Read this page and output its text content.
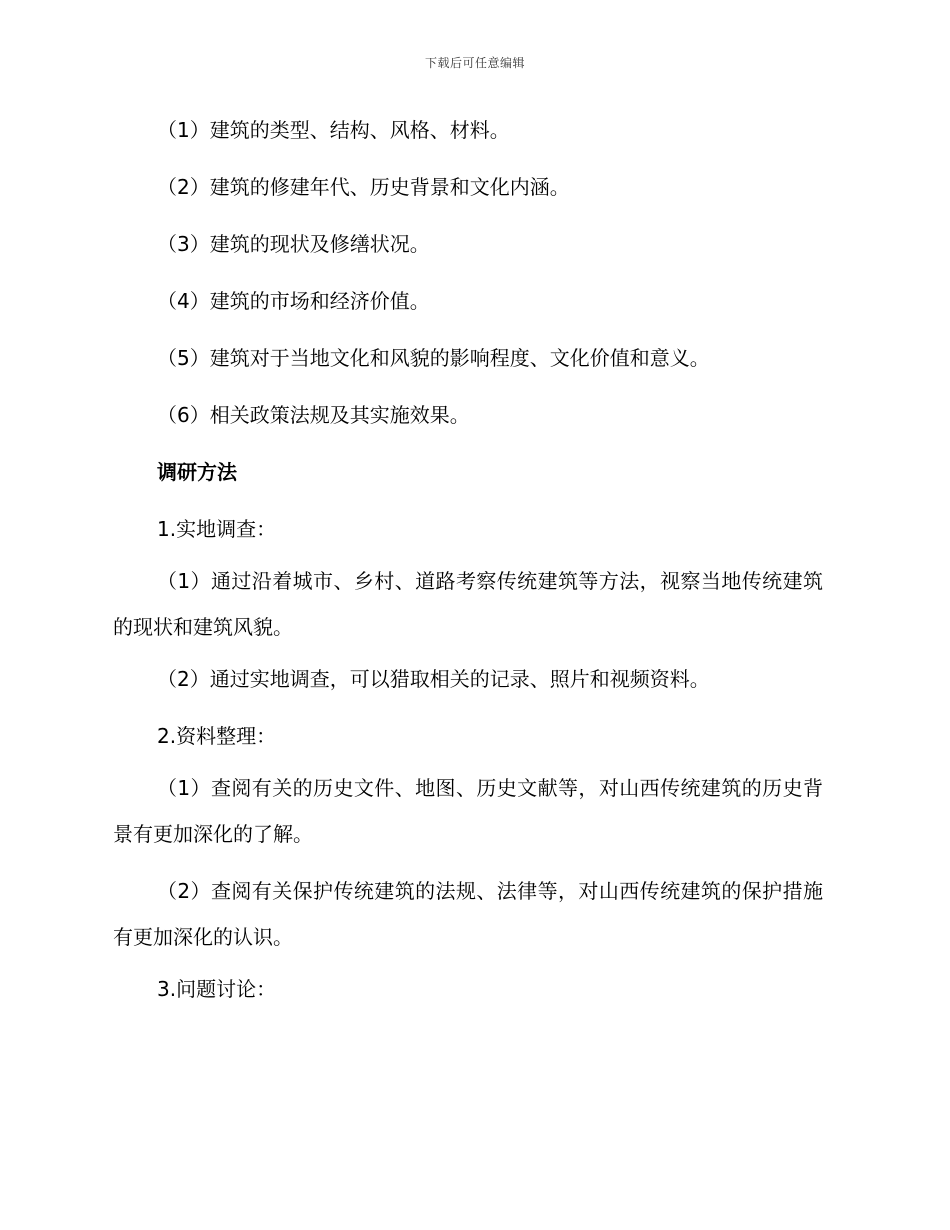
下载后可任意编辑

（1）建筑的类型、结构、风格、材料。

（2）建筑的修建年代、历史背景和文化内涵。

（3）建筑的现状及修缮状况。

（4）建筑的市场和经济价值。

（5）建筑对于当地文化和风貌的影响程度、文化价值和意义。

（6）相关政策法规及其实施效果。

调研方法

1.实地调查：

（1）通过沿着城市、乡村、道路考察传统建筑等方法，视察当地传统建筑的现状和建筑风貌。

（2）通过实地调查，可以猎取相关的记录、照片和视频资料。

2.资料整理：

（1）查阅有关的历史文件、地图、历史文献等，对山西传统建筑的历史背景有更加深化的了解。

（2）查阅有关保护传统建筑的法规、法律等，对山西传统建筑的保护措施有更加深化的认识。

3.问题讨论：
